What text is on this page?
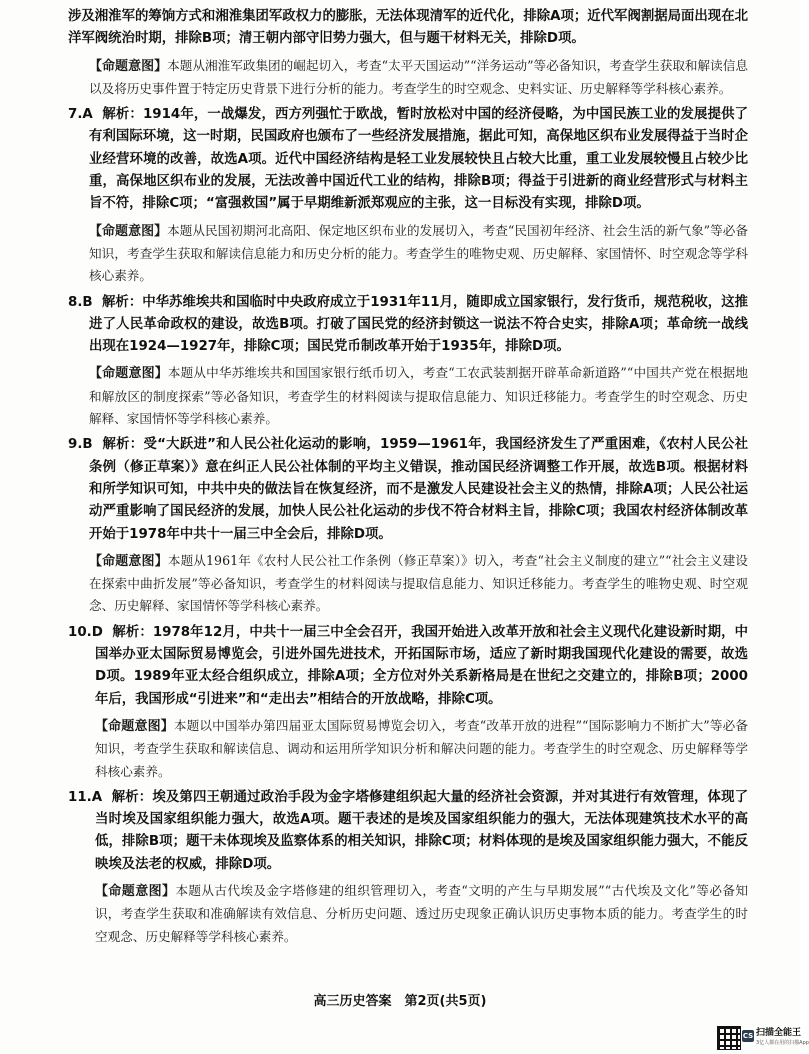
涉及湘淮军的筹饷方式和湘淮集团军政权力的膨胀，无法体现清军的近代化，排除A项；近代军阀割据局面出现在北洋军阀统治时期，排除B项；清王朝内部守旧势力强大，但与题干材料无关，排除D项。

【命题意图】本题从湘淮军政集团的崛起切入，考查“太平天国运动”“洋务运动”等必备知识，考查学生获取和解读信息以及将历史事件置于特定历史背景下进行分析的能力。考查学生的时空观念、史料实证、历史解释等学科核心素养。

7.A 解析：1914年，一战爆发，西方列强忙于欧战，暂时放松对中国的经济侵略，为中国民族工业的发展提供了有利国际环境，这一时期，民国政府也颁布了一些经济发展措施，据此可知，高保地区织布业发展得益于当时企业经营环境的改善，故选A项。近代中国经济结构是轻工业发展较快且占较大比重，重工业发展较慢且占较少比重，高保地区织布业的发展，无法改善中国近代工业的结构，排除B项；得益于引进新的商业经营形式与材料主旨不符，排除C项；“富强救国”属于早期维新派郑观应的主张，这一目标没有实现，排除D项。

【命题意图】本题从民国初期河北高阳、保定地区织布业的发展切入，考查“民国初年经济、社会生活的新气象”等必备知识，考查学生获取和解读信息能力和历史分析的能力。考查学生的唯物史观、历史解释、家国情怀、时空观念等学科核心素养。

8.B 解析：中华苏维埃共和国临时中央政府成立于1931年11月，随即成立国家银行，发行货币，规范税收，这推进了人民革命政权的建设，故选B项。打破了国民党的经济封锁这一说法不符合史实，排除A项；革命统一战线出现在1924—1927年，排除C项；国民党币制改革开始于1935年，排除D项。

【命题意图】本题从中华苏维埃共和国国家银行纸币切入，考查“工农武装割据开辟革命新道路”“中国共产党在根据地和解放区的制度探索”等必备知识，考查学生的材料阅读与提取信息能力、知识迁移能力。考查学生的时空观念、历史解释、家国情怀等学科核心素养。

9.B 解析：受“大跃进”和人民公社化运动的影响，1959—1961年，我国经济发生了严重困难，《农村人民公社条例（修正草案）》意在纠正人民公社体制的平均主义错误，推动国民经济调整工作开展，故选B项。根据材料和所学知识可知，中共中央的做法旨在恢复经济，而不是激发人民建设社会主义的热情，排除A项；人民公社运动严重影响了国民经济的发展，加快人民公社化运动的步伐不符合材料主旨，排除C项；我国农村经济体制改革开始于1978年中共十一届三中全会后，排除D项。

【命题意图】本题从1961年《农村人民公社工作条例（修正草案）》切入，考查“社会主义制度的建立”“社会主义建设在探索中曲折发展”等必备知识，考查学生的材料阅读与提取信息能力、知识迁移能力。考查学生的唯物史观、时空观念、历史解释、家国情怀等学科核心素养。

10.D 解析：1978年12月，中共十一届三中全会召开，我国开始进入改革开放和社会主义现代化建设新时期，中国举办亚太国际贸易博览会，引进外国先进技术，开拓国际市场，适应了新时期我国现代化建设的需要，故选D项。1989年亚太经合组织成立，排除A项；全方位对外关系新格局是在世纪之交建立的，排除B项；2000年后，我国形成“引进来”和“走出去”相结合的开放战略，排除C项。

【命题意图】本题以中国举办第四届亚太国际贸易博览会切入，考查“改革开放的进程”“国际影响力不断扩大”等必备知识，考查学生获取和解读信息、调动和运用所学知识分析和解决问题的能力。考查学生的时空观念、历史解释等学科核心素养。

11.A 解析：埃及第四王朝通过政治手段为金字塔修建组织起大量的经济社会资源，并对其进行有效管理，体现了当时埃及国家组织能力强大，故选A项。题干表述的是埃及国家组织能力的强大，无法体现建筑技术水平的高低，排除B项；题干未体现埃及监察体系的相关知识，排除C项；材料体现的是埃及国家组织能力强大，不能反映埃及法老的权威，排除D项。

【命题意图】本题从古代埃及金字塔修建的组织管理切入，考查“文明的产生与早期发展”“古代埃及文化”等必备知识，考查学生获取和准确解读有效信息、分析历史问题、透过历史现象正确认识历史事物本质的能力。考查学生的时空观念、历史解释等学科核心素养。

高三历史答案　第2页(共5页)
CS 扫描全能王
3亿人都在用的扫描App
